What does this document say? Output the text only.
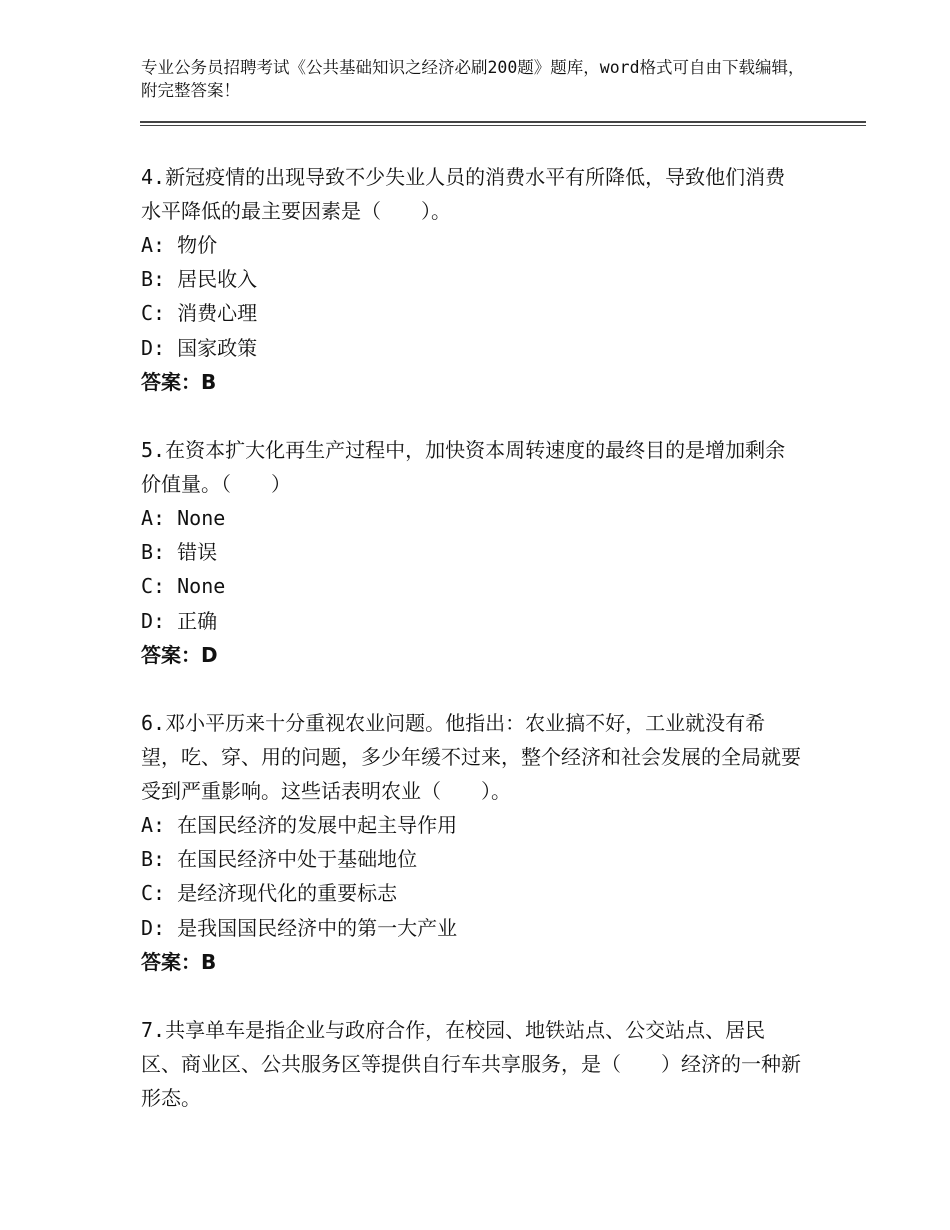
专业公务员招聘考试《公共基础知识之经济必刷200题》题库，word格式可自由下载编辑，附完整答案！

4.新冠疫情的出现导致不少失业人员的消费水平有所降低，导致他们消费水平降低的最主要因素是（　　）。

A: 物价
B: 居民收入
C: 消费心理
D: 国家政策
答案：B

5.在资本扩大化再生产过程中，加快资本周转速度的最终目的是增加剩余价值量。（　　）

A: None
B: 错误
C: None
D: 正确
答案：D

6.邓小平历来十分重视农业问题。他指出：农业搞不好，工业就没有希望，吃、穿、用的问题，多少年缓不过来，整个经济和社会发展的全局就要受到严重影响。这些话表明农业（　　）。

A: 在国民经济的发展中起主导作用
B: 在国民经济中处于基础地位
C: 是经济现代化的重要标志
D: 是我国国民经济中的第一大产业
答案：B

7.共享单车是指企业与政府合作，在校园、地铁站点、公交站点、居民区、商业区、公共服务区等提供自行车共享服务，是（　　）经济的一种新形态。
